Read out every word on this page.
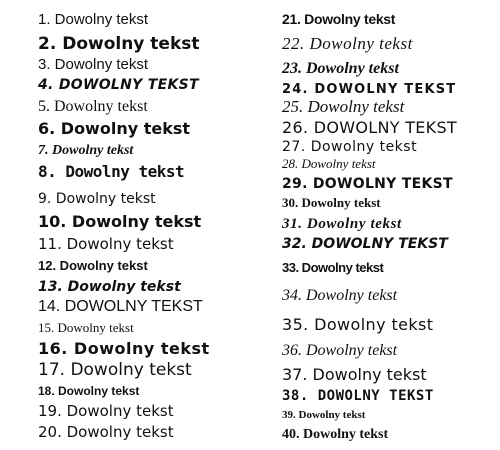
1. Dowolny tekst
2. Dowolny tekst
3. Dowolny tekst
4. DOWOLNY TEKST
5. Dowolny tekst
6. Dowolny tekst
7. Dowolny tekst
8. Dowolny tekst
9. Dowolny tekst
10. Dowolny tekst
11. Dowolny tekst
12. Dowolny tekst
13. Dowolny tekst
14. DOWOLNY TEKST
15. Dowolny tekst
16. Dowolny tekst
17. Dowolny tekst
18. Dowolny tekst
19. Dowolny tekst
20. Dowolny tekst
21. Dowolny tekst
22. Dowolny tekst
23. Dowolny tekst
24. DOWOLNY TEKST
25. Dowolny tekst
26. DOWOLNY TEKST
27. Dowolny tekst
28. Dowolny tekst
29. DOWOLNY TEKST
30. Dowolny tekst
31. Dowolny tekst
32. DOWOLNY TEKST
33. Dowolny tekst
34. Dowolny tekst
35. Dowolny tekst
36. Dowolny tekst
37. Dowolny tekst
38. DOWOLNY TEKST
39. Dowolny tekst
40. Dowolny tekst
